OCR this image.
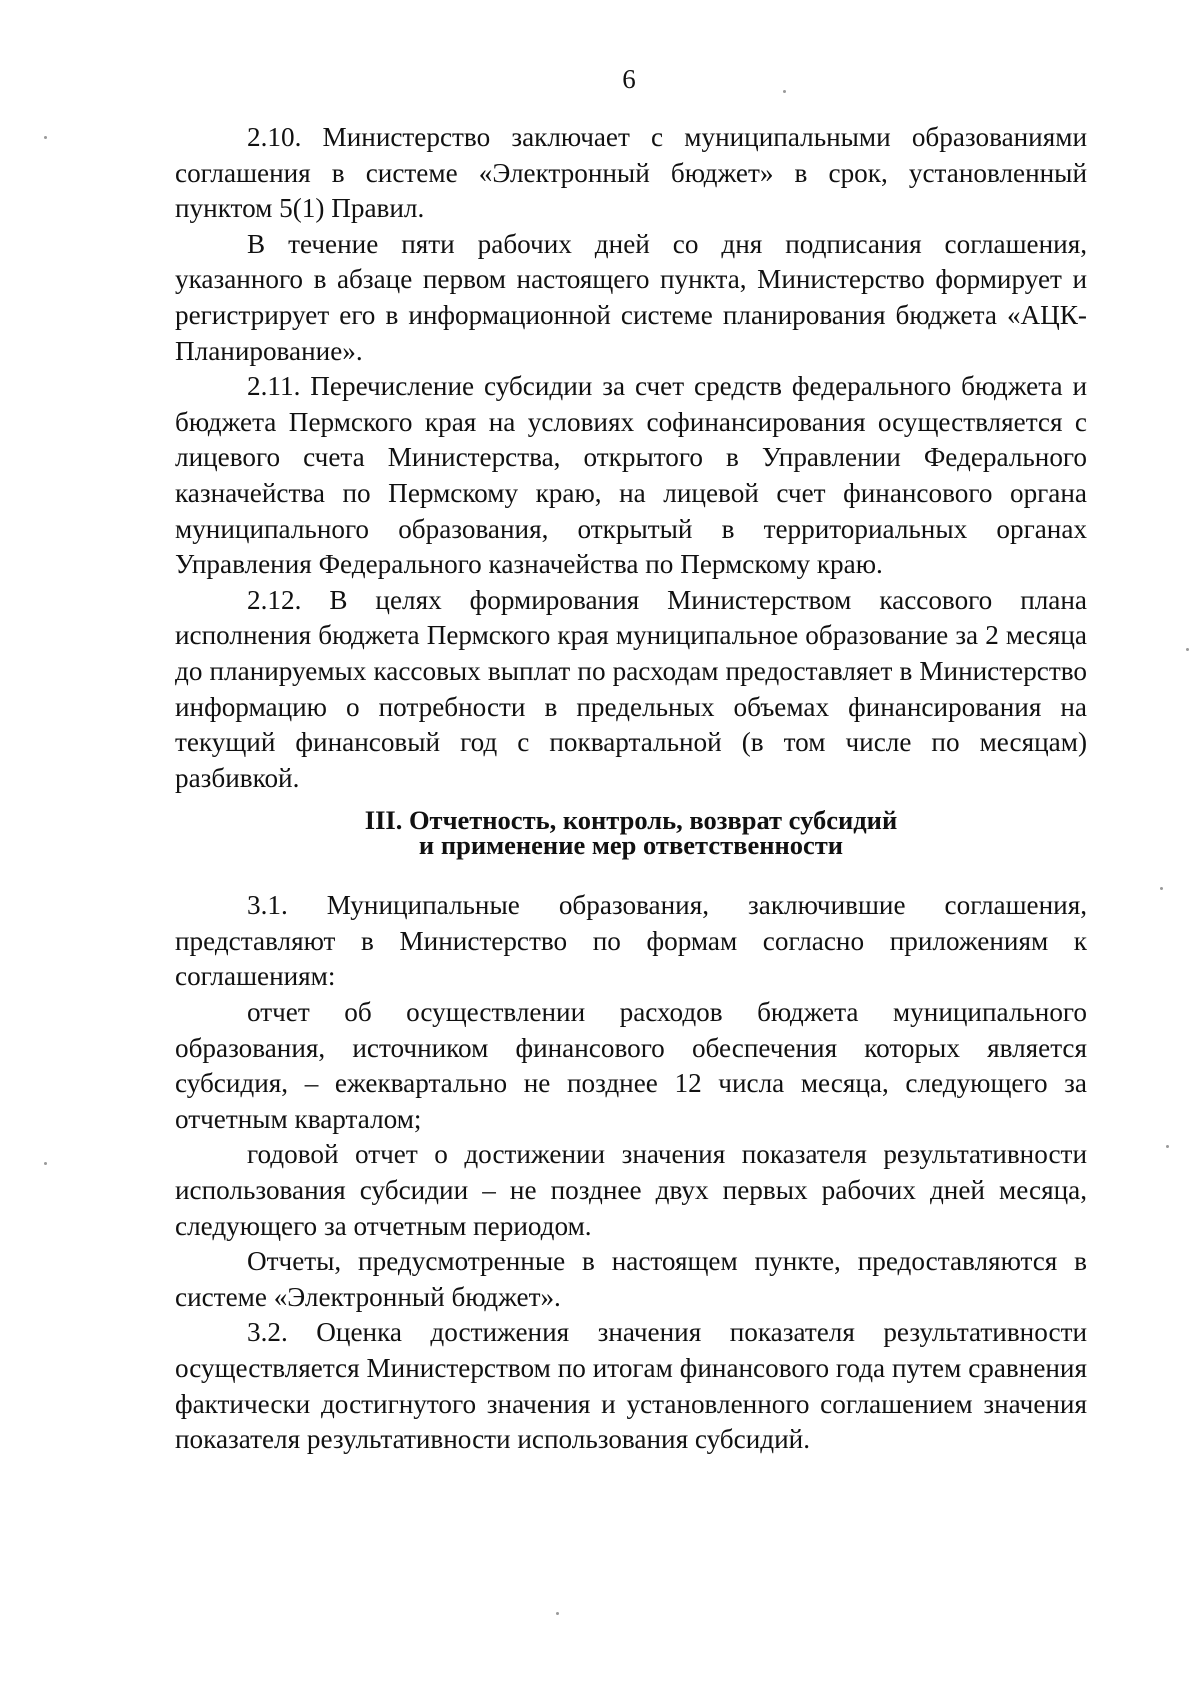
6

2.10. Министерство заключает с муниципальными образованиями соглашения в системе «Электронный бюджет» в срок, установленный пунктом 5(1) Правил.

В течение пяти рабочих дней со дня подписания соглашения, указанного в абзаце первом настоящего пункта, Министерство формирует и регистрирует его в информационной системе планирования бюджета «АЦК-Планирование».

2.11. Перечисление субсидии за счет средств федерального бюджета и бюджета Пермского края на условиях софинансирования осуществляется с лицевого счета Министерства, открытого в Управлении Федерального казначейства по Пермскому краю, на лицевой счет финансового органа муниципального образования, открытый в территориальных органах Управления Федерального казначейства по Пермскому краю.

2.12. В целях формирования Министерством кассового плана исполнения бюджета Пермского края муниципальное образование за 2 месяца до планируемых кассовых выплат по расходам предоставляет в Министерство информацию о потребности в предельных объемах финансирования на текущий финансовый год с поквартальной (в том числе по месяцам) разбивкой.

III. Отчетность, контроль, возврат субсидий
и применение мер ответственности

3.1. Муниципальные образования, заключившие соглашения, представляют в Министерство по формам согласно приложениям к соглашениям:

отчет об осуществлении расходов бюджета муниципального образования, источником финансового обеспечения которых является субсидия, – ежеквартально не позднее 12 числа месяца, следующего за отчетным кварталом;

годовой отчет о достижении значения показателя результативности использования субсидии – не позднее двух первых рабочих дней месяца, следующего за отчетным периодом.

Отчеты, предусмотренные в настоящем пункте, предоставляются в системе «Электронный бюджет».

3.2. Оценка достижения значения показателя результативности осуществляется Министерством по итогам финансового года путем сравнения фактически достигнутого значения и установленного соглашением значения показателя результативности использования субсидий.
